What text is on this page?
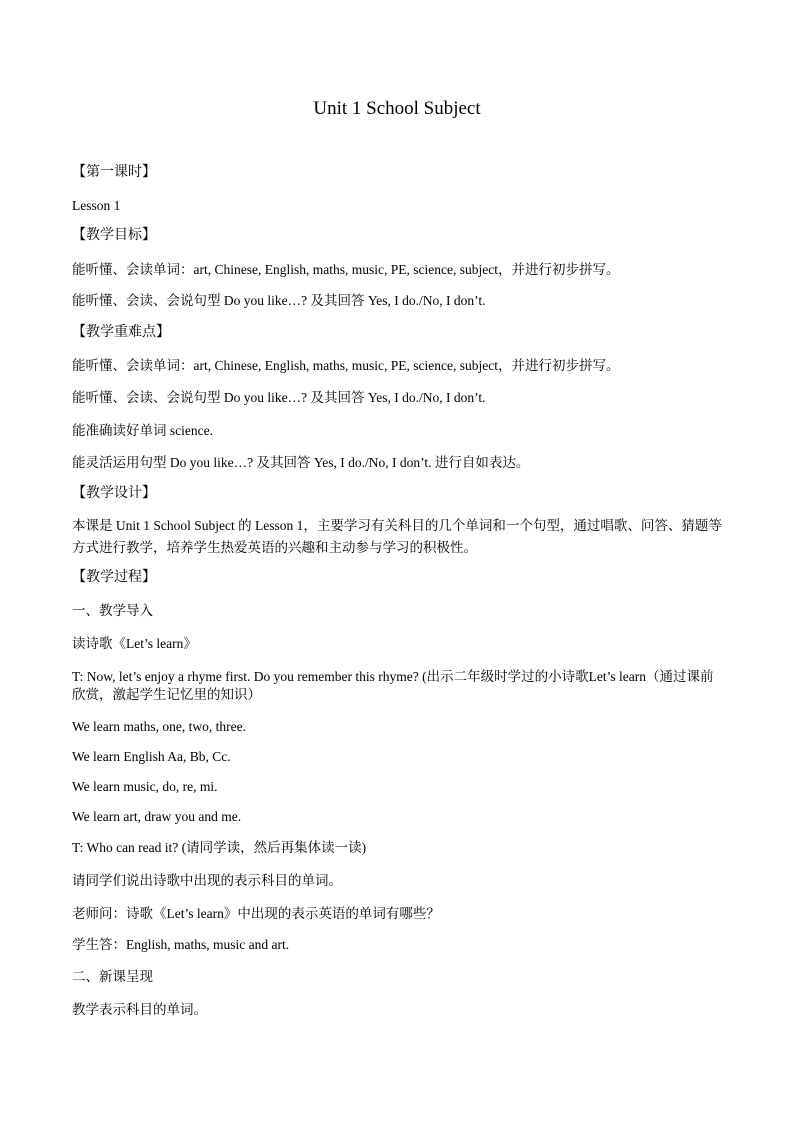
Unit 1 School Subject
【第一课时】
Lesson 1
【教学目标】
能听懂、会读单词：art, Chinese, English, maths, music, PE, science, subject，并进行初步拼写。
能听懂、会读、会说句型 Do you like…? 及其回答 Yes, I do./No, I don’t.
【教学重难点】
能听懂、会读单词：art, Chinese, English, maths, music, PE, science, subject，并进行初步拼写。
能听懂、会读、会说句型 Do you like…? 及其回答 Yes, I do./No, I don’t.
能准确读好单词 science.
能灵活运用句型 Do you like…? 及其回答 Yes, I do./No, I don’t. 进行自如表达。
【教学设计】
本课是 Unit 1 School Subject 的 Lesson 1，主要学习有关科目的几个单词和一个句型，通过唱歌、问答、猜题等方式进行教学，培养学生热爱英语的兴趣和主动参与学习的积极性。
【教学过程】
一、教学导入
读诗歌《Let’s learn》
T: Now, let’s enjoy a rhyme first. Do you remember this rhyme? (出示二年级时学过的小诗歌Let’s learn（通过课前欣赏，激起学生记忆里的知识）
We learn maths, one, two, three.
We learn English Aa, Bb, Cc.
We learn music, do, re, mi.
We learn art, draw you and me.
T: Who can read it? (请同学读，然后再集体读一读)
请同学们说出诗歌中出现的表示科目的单词。
老师问：诗歌《Let’s learn》中出现的表示英语的单词有哪些？
学生答：English, maths, music and art.
二、新课呈现
教学表示科目的单词。
